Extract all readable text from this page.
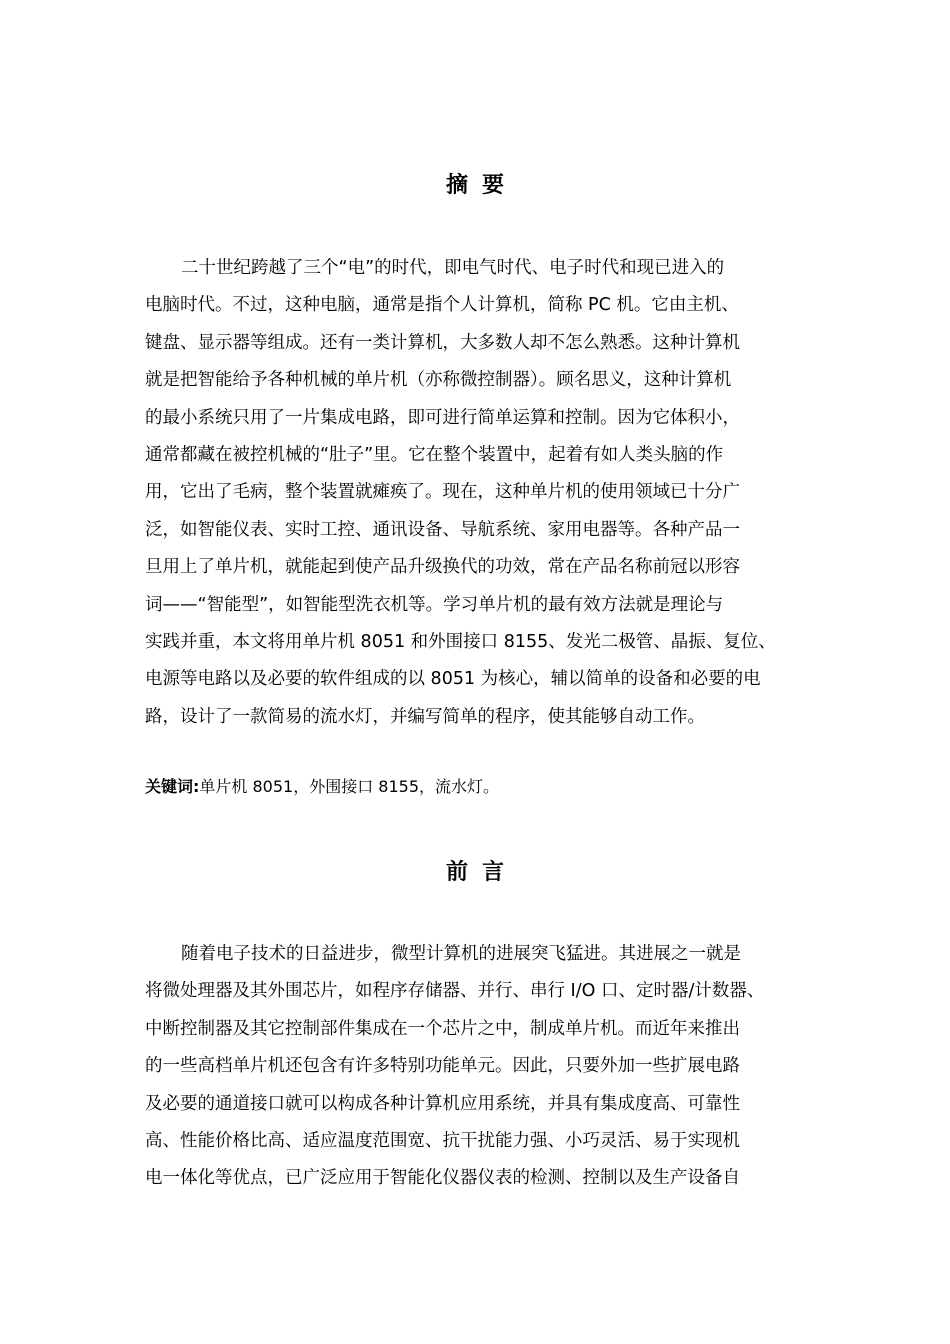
摘 要
二十世纪跨越了三个“电”的时代，即电气时代、电子时代和现已进入的
电脑时代。不过，这种电脑，通常是指个人计算机，简称 PC 机。它由主机、
键盘、显示器等组成。还有一类计算机，大多数人却不怎么熟悉。这种计算机
就是把智能给予各种机械的单片机（亦称微控制器）。顾名思义，这种计算机
的最小系统只用了一片集成电路，即可进行简单运算和控制。因为它体积小，
通常都藏在被控机械的“肚子”里。它在整个装置中，起着有如人类头脑的作
用，它出了毛病，整个装置就瘫痪了。现在，这种单片机的使用领域已十分广
泛，如智能仪表、实时工控、通讯设备、导航系统、家用电器等。各种产品一
旦用上了单片机，就能起到使产品升级换代的功效，常在产品名称前冠以形容
词——“智能型”，如智能型洗衣机等。学习单片机的最有效方法就是理论与
实践并重，本文将用单片机 8051 和外围接口 8155、发光二极管、晶振、复位、
电源等电路以及必要的软件组成的以 8051 为核心，辅以简单的设备和必要的电
路，设计了一款简易的流水灯，并编写简单的程序，使其能够自动工作。
关键词:单片机 8051，外围接口 8155，流水灯。
前 言
随着电子技术的日益进步，微型计算机的进展突飞猛进。其进展之一就是
将微处理器及其外围芯片，如程序存储器、并行、串行 I/O 口、定时器/计数器、
中断控制器及其它控制部件集成在一个芯片之中，制成单片机。而近年来推出
的一些高档单片机还包含有许多特别功能单元。因此，只要外加一些扩展电路
及必要的通道接口就可以构成各种计算机应用系统，并具有集成度高、可靠性
高、性能价格比高、适应温度范围宽、抗干扰能力强、小巧灵活、易于实现机
电一体化等优点，已广泛应用于智能化仪器仪表的检测、控制以及生产设备自
